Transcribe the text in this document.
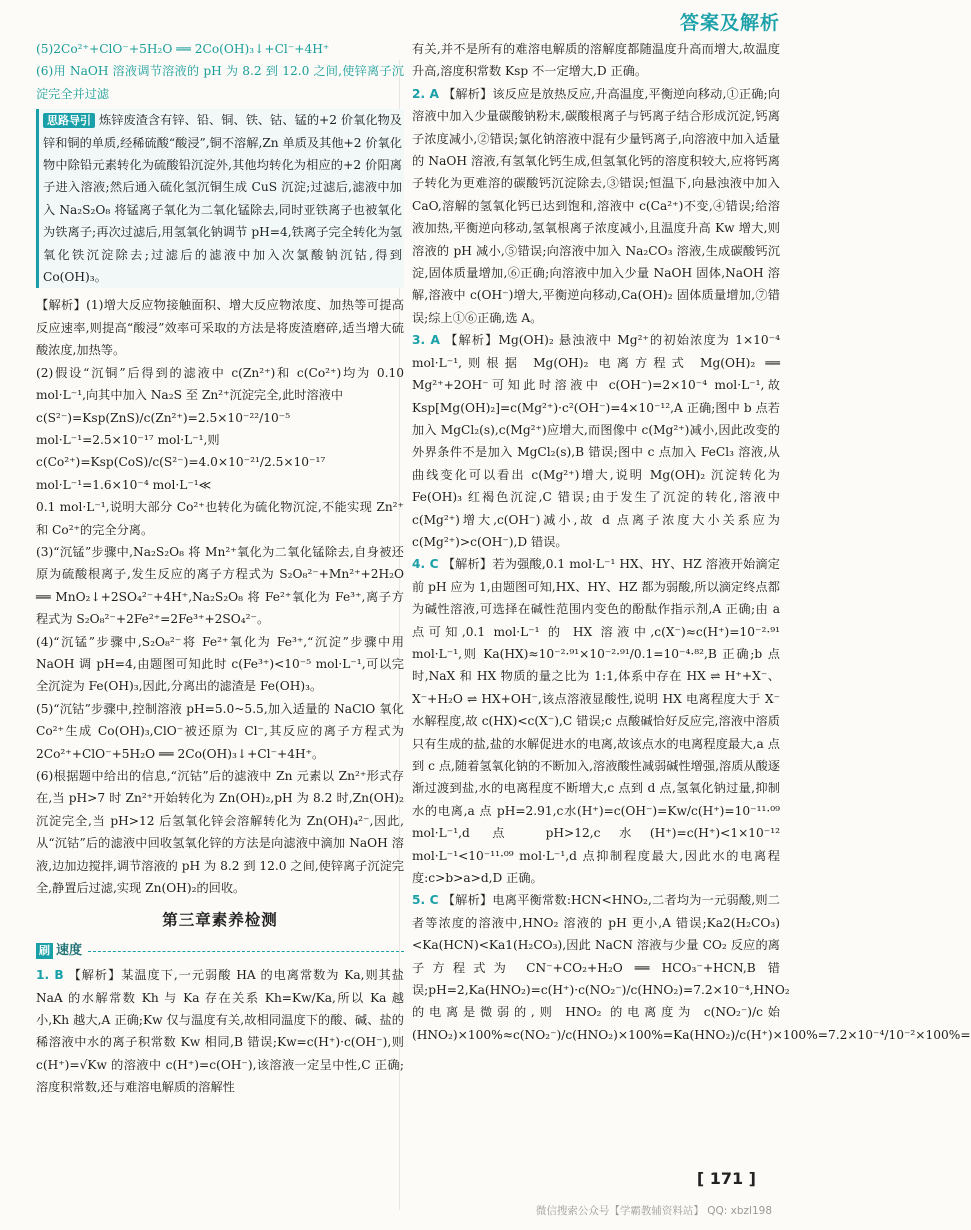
答案及解析

(5)2Co²⁺+ClO⁻+5H₂O ══ 2Co(OH)₃↓+Cl⁻+4H⁺

(6)用 NaOH 溶液调节溶液的 pH 为 8.2 到 12.0 之间,使锌离子沉淀完全并过滤

思路导引 炼锌废渣含有锌、铅、铜、铁、钴、锰的+2 价氧化物及锌和铜的单质,经稀硫酸“酸浸”,铜不溶解,Zn 单质及其他+2 价氧化物中除铅元素转化为硫酸铅沉淀外,其他均转化为相应的+2 价阳离子进入溶液;然后通入硫化氢沉铜生成 CuS 沉淀;过滤后,滤液中加入 Na₂S₂O₈ 将锰离子氧化为二氧化锰除去,同时亚铁离子也被氧化为铁离子;再次过滤后,用氢氧化钠调节 pH=4,铁离子完全转化为氢氧化铁沉淀除去;过滤后的滤液中加入次氯酸钠沉钴,得到 Co(OH)₃。

【解析】(1)增大反应物接触面积、增大反应物浓度、加热等可提高反应速率,则提高“酸浸”效率可采取的方法是将废渣磨碎,适当增大硫酸浓度,加热等。

(2)假设“沉铜”后得到的滤液中 c(Zn²⁺)和 c(Co²⁺)均为 0.10 mol·L⁻¹,向其中加入 Na₂S 至 Zn²⁺沉淀完全,此时溶液中

c(S²⁻)=Ksp(ZnS)/c(Zn²⁺)=2.5×10⁻²²/10⁻⁵ mol·L⁻¹=2.5×10⁻¹⁷ mol·L⁻¹,则

c(Co²⁺)=Ksp(CoS)/c(S²⁻)=4.0×10⁻²¹/2.5×10⁻¹⁷ mol·L⁻¹=1.6×10⁻⁴ mol·L⁻¹≪

0.1 mol·L⁻¹,说明大部分 Co²⁺也转化为硫化物沉淀,不能实现 Zn²⁺和 Co²⁺的完全分离。

(3)“沉锰”步骤中,Na₂S₂O₈ 将 Mn²⁺氧化为二氧化锰除去,自身被还原为硫酸根离子,发生反应的离子方程式为 S₂O₈²⁻+Mn²⁺+2H₂O ══ MnO₂↓+2SO₄²⁻+4H⁺,Na₂S₂O₈ 将 Fe²⁺氧化为 Fe³⁺,离子方程式为 S₂O₈²⁻+2Fe²⁺=2Fe³⁺+2SO₄²⁻。

(4)“沉锰”步骤中,S₂O₈²⁻将 Fe²⁺氧化为 Fe³⁺,“沉淀”步骤中用 NaOH 调 pH=4,由题图可知此时 c(Fe³⁺)<10⁻⁵ mol·L⁻¹,可以完全沉淀为 Fe(OH)₃,因此,分离出的滤渣是 Fe(OH)₃。

(5)“沉钴”步骤中,控制溶液 pH=5.0~5.5,加入适量的 NaClO 氧化 Co²⁺生成 Co(OH)₃,ClO⁻被还原为 Cl⁻,其反应的离子方程式为 2Co²⁺+ClO⁻+5H₂O ══ 2Co(OH)₃↓+Cl⁻+4H⁺。

(6)根据题中给出的信息,“沉钴”后的滤液中 Zn 元素以 Zn²⁺形式存在,当 pH>7 时 Zn²⁺开始转化为 Zn(OH)₂,pH 为 8.2 时,Zn(OH)₂沉淀完全,当 pH>12 后氢氧化锌会溶解转化为 Zn(OH)₄²⁻,因此,从“沉钴”后的滤液中回收氢氧化锌的方法是向滤液中滴加 NaOH 溶液,边加边搅拌,调节溶液的 pH 为 8.2 到 12.0 之间,使锌离子沉淀完全,静置后过滤,实现 Zn(OH)₂的回收。

第三章素养检测
刷 速度

1. B 【解析】某温度下,一元弱酸 HA 的电离常数为 Ka,则其盐 NaA 的水解常数 Kh 与 Ka 存在关系 Kh=Kw/Ka,所以 Ka 越小,Kh 越大,A 正确;Kw 仅与温度有关,故相同温度下的酸、碱、盐的稀溶液中水的离子积常数 Kw 相同,B 错误;Kw=c(H⁺)·c(OH⁻),则 c(H⁺)=√Kw 的溶液中 c(H⁺)=c(OH⁻),该溶液一定呈中性,C 正确;溶度积常数,还与难溶电解质的溶解性

有关,并不是所有的难溶电解质的溶解度都随温度升高而增大,故温度升高,溶度积常数 Ksp 不一定增大,D 正确。

2. A 【解析】该反应是放热反应,升高温度,平衡逆向移动,①正确;向溶液中加入少量碳酸钠粉末,碳酸根离子与钙离子结合形成沉淀,钙离子浓度减小,②错误;氯化钠溶液中混有少量钙离子,向溶液中加入适量的 NaOH 溶液,有氢氧化钙生成,但氢氧化钙的溶度积较大,应将钙离子转化为更难溶的碳酸钙沉淀除去,③错误;恒温下,向悬浊液中加入 CaO,溶解的氢氧化钙已达到饱和,溶液中 c(Ca²⁺)不变,④错误;给溶液加热,平衡逆向移动,氢氧根离子浓度减小,且温度升高 Kw 增大,则溶液的 pH 减小,⑤错误;向溶液中加入 Na₂CO₃ 溶液,生成碳酸钙沉淀,固体质量增加,⑥正确;向溶液中加入少量 NaOH 固体,NaOH 溶解,溶液中 c(OH⁻)增大,平衡逆向移动,Ca(OH)₂ 固体质量增加,⑦错误;综上①⑥正确,选 A。

3. A 【解析】Mg(OH)₂ 悬浊液中 Mg²⁺的初始浓度为 1×10⁻⁴ mol·L⁻¹,则根据 Mg(OH)₂ 电离方程式 Mg(OH)₂ ══ Mg²⁺+2OH⁻可知此时溶液中 c(OH⁻)=2×10⁻⁴ mol·L⁻¹,故 Ksp[Mg(OH)₂]=c(Mg²⁺)·c²(OH⁻)=4×10⁻¹²,A 正确;图中 b 点若加入 MgCl₂(s),c(Mg²⁺)应增大,而图像中 c(Mg²⁺)减小,因此改变的外界条件不是加入 MgCl₂(s),B 错误;图中 c 点加入 FeCl₃ 溶液,从曲线变化可以看出 c(Mg²⁺)增大,说明 Mg(OH)₂ 沉淀转化为 Fe(OH)₃ 红褐色沉淀,C 错误;由于发生了沉淀的转化,溶液中 c(Mg²⁺)增大,c(OH⁻)减小,故 d 点离子浓度大小关系应为 c(Mg²⁺)>c(OH⁻),D 错误。

4. C 【解析】若为强酸,0.1 mol·L⁻¹ HX、HY、HZ 溶液开始滴定前 pH 应为 1,由题图可知,HX、HY、HZ 都为弱酸,所以滴定终点都为碱性溶液,可选择在碱性范围内变色的酚酞作指示剂,A 正确;由 a 点可知,0.1 mol·L⁻¹ 的 HX 溶液中,c(X⁻)≈c(H⁺)=10⁻²·⁹¹ mol·L⁻¹,则 Ka(HX)≈10⁻²·⁹¹×10⁻²·⁹¹/0.1=10⁻⁴·⁸²,B 正确;b 点时,NaX 和 HX 物质的量之比为 1:1,体系中存在 HX ⇌ H⁺+X⁻、X⁻+H₂O ⇌ HX+OH⁻,该点溶液显酸性,说明 HX 电离程度大于 X⁻水解程度,故 c(HX)<c(X⁻),C 错误;c 点酸碱恰好反应完,溶液中溶质只有生成的盐,盐的水解促进水的电离,故该点水的电离程度最大,a 点到 c 点,随着氢氧化钠的不断加入,溶液酸性减弱碱性增强,溶质从酸逐渐过渡到盐,水的电离程度不断增大,c 点到 d 点,氢氧化钠过量,抑制水的电离,a 点 pH=2.91,c水(H⁺)=c(OH⁻)=Kw/c(H⁺)=10⁻¹¹·⁰⁹ mol·L⁻¹,d 点 pH>12,c水(H⁺)=c(H⁺)<1×10⁻¹² mol·L⁻¹<10⁻¹¹·⁰⁹ mol·L⁻¹,d 点抑制程度最大,因此水的电离程度:c>b>a>d,D 正确。

5. C 【解析】电离平衡常数:HCN<HNO₂,二者均为一元弱酸,则二者等浓度的溶液中,HNO₂ 溶液的 pH 更小,A 错误;Ka2(H₂CO₃)<Ka(HCN)<Ka1(H₂CO₃),因此 NaCN 溶液与少量 CO₂ 反应的离子方程式为 CN⁻+CO₂+H₂O ══ HCO₃⁻+HCN,B 错误;pH=2,Ka(HNO₂)=c(H⁺)·c(NO₂⁻)/c(HNO₂)=7.2×10⁻⁴,HNO₂ 的电离是微弱的,则 HNO₂ 的电离度为 c(NO₂⁻)/c始(HNO₂)×100%≈c(NO₂⁻)/c(HNO₂)×100%=Ka(HNO₂)/c(H⁺)×100%=7.2×10⁻⁴/10⁻²×100%=

[ 171 ]
微信搜索公众号【学霸教辅资料站】 QQ: xbzl198
